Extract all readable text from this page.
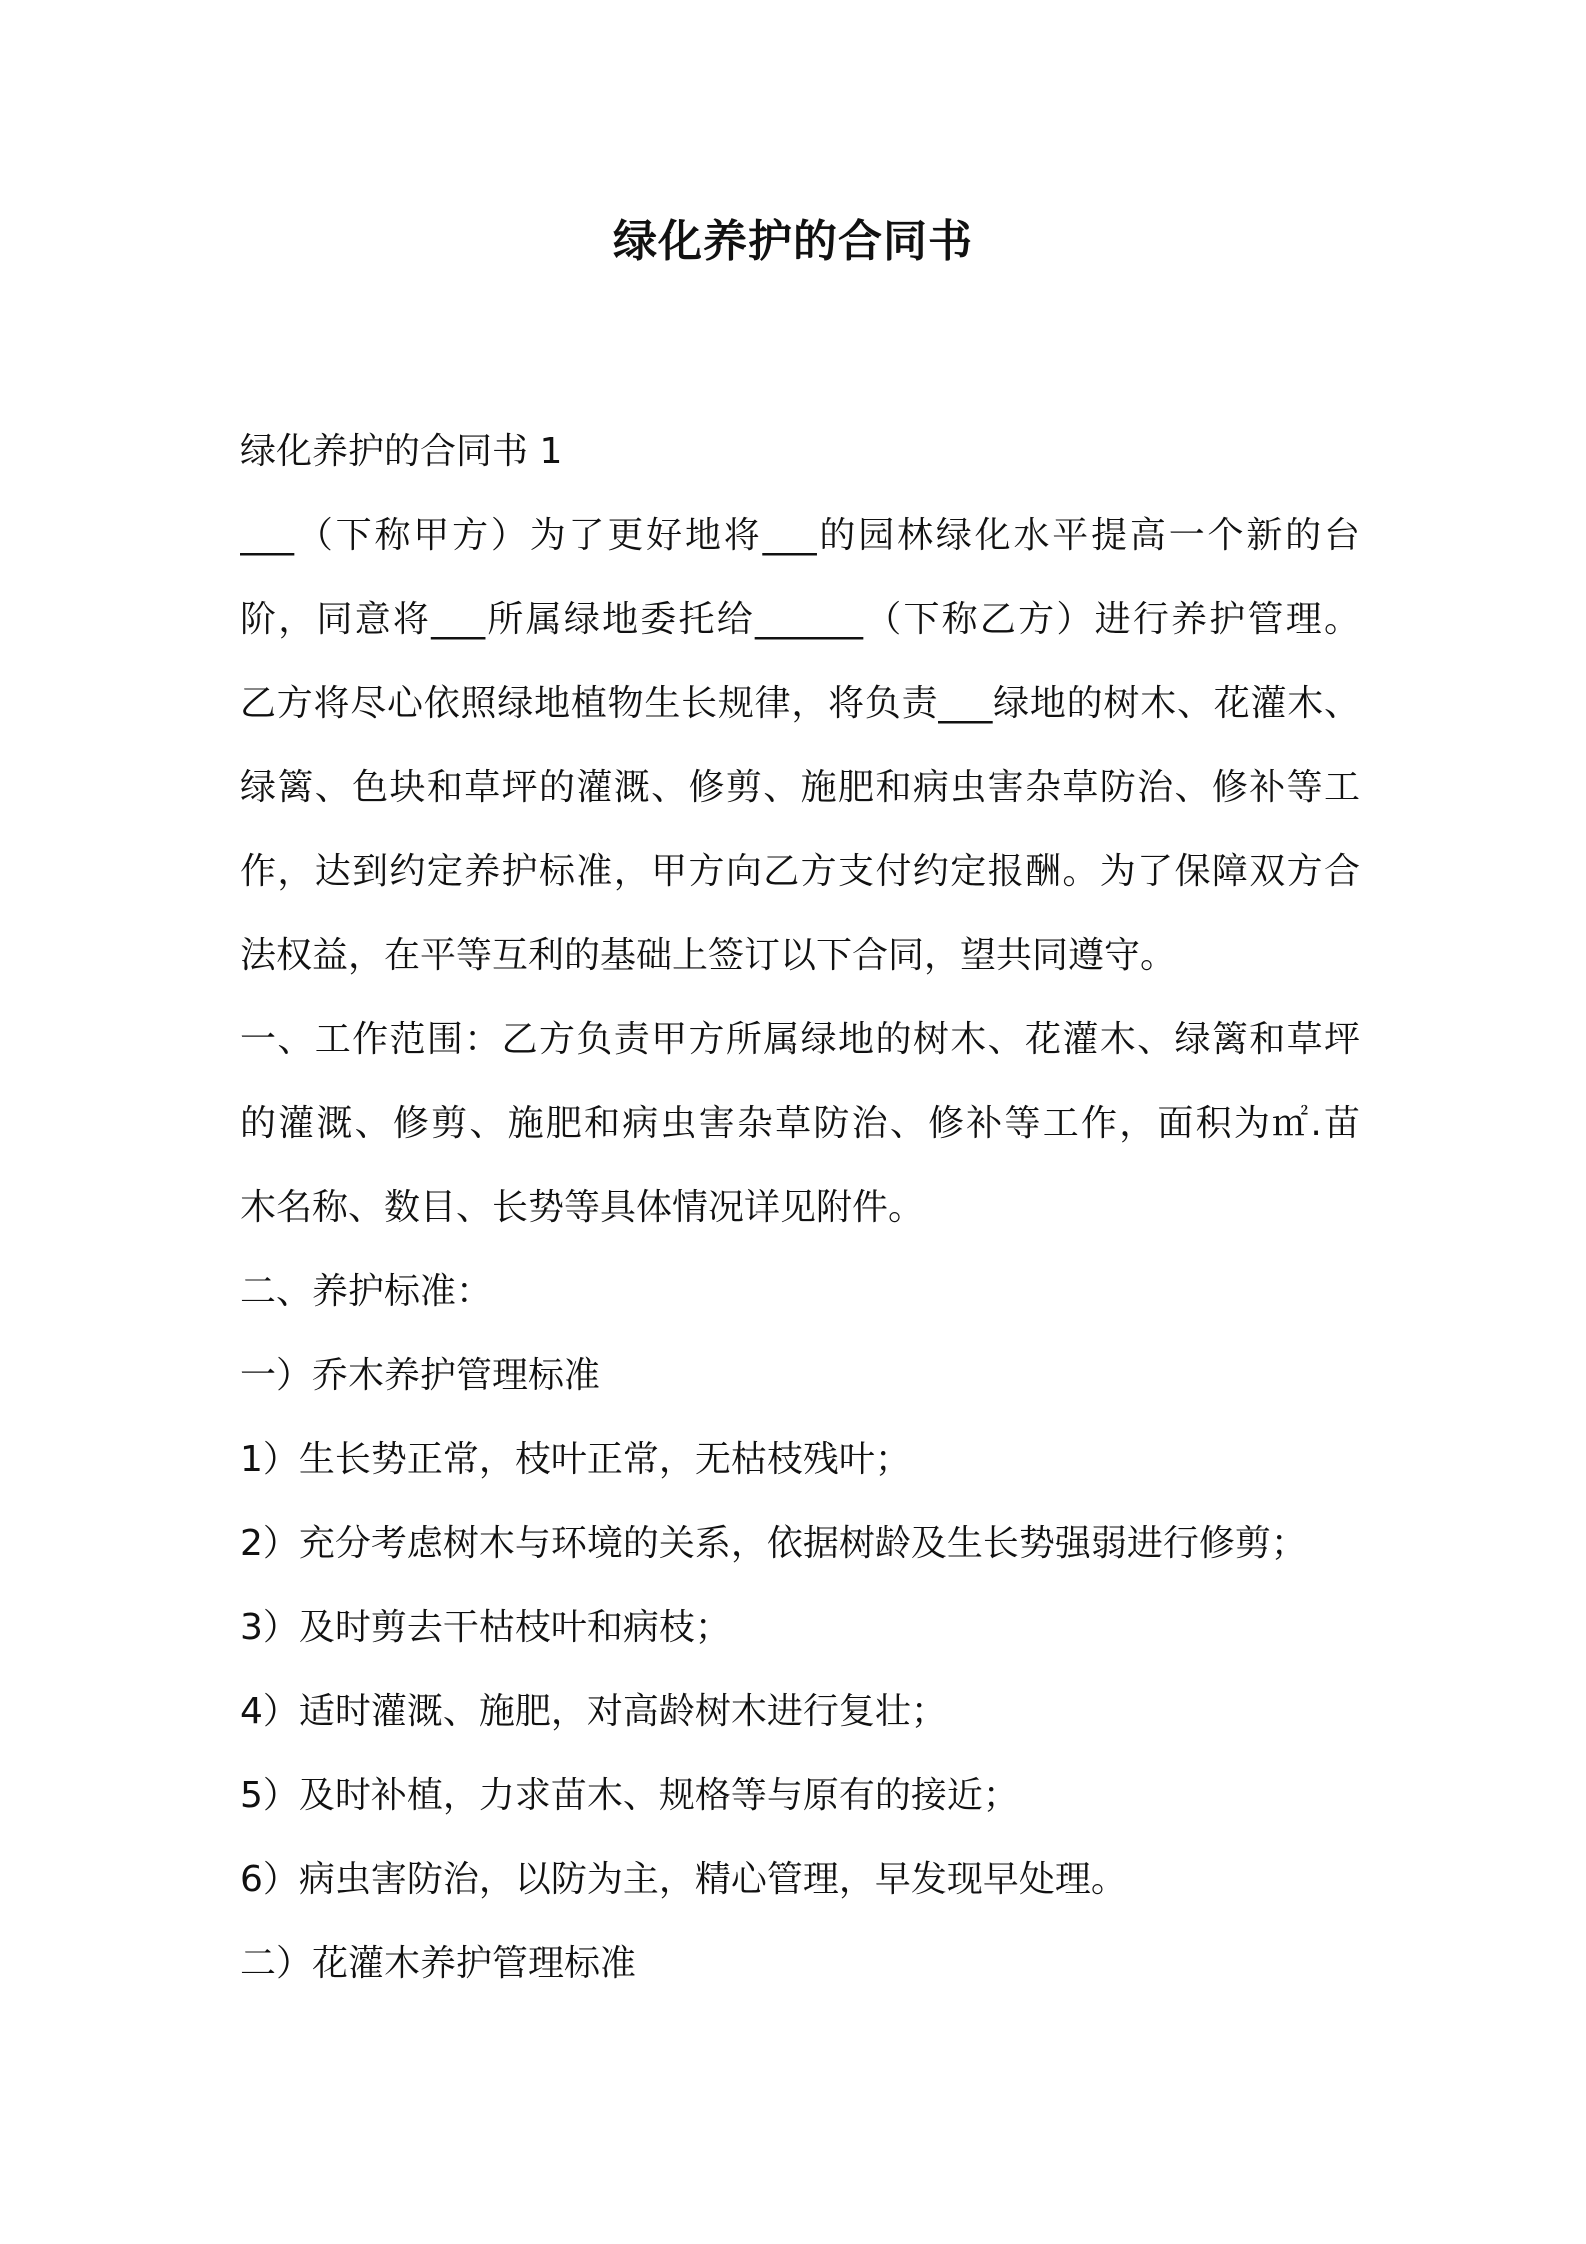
绿化养护的合同书
绿化养护的合同书 1
___（下称甲方）为了更好地将___的园林绿化水平提高一个新的台
阶，同意将___所属绿地委托给______（下称乙方）进行养护管理。
乙方将尽心依照绿地植物生长规律，将负责___绿地的树木、花灌木、
绿篱、色块和草坪的灌溉、修剪、施肥和病虫害杂草防治、修补等工
作，达到约定养护标准，甲方向乙方支付约定报酬。为了保障双方合
法权益，在平等互利的基础上签订以下合同，望共同遵守。
一、工作范围：乙方负责甲方所属绿地的树木、花灌木、绿篱和草坪
的灌溉、修剪、施肥和病虫害杂草防治、修补等工作，面积为㎡.苗
木名称、数目、长势等具体情况详见附件。
二、养护标准：
一）乔木养护管理标准
1）生长势正常，枝叶正常，无枯枝残叶；
2）充分考虑树木与环境的关系，依据树龄及生长势强弱进行修剪；
3）及时剪去干枯枝叶和病枝；
4）适时灌溉、施肥，对高龄树木进行复壮；
5）及时补植，力求苗木、规格等与原有的接近；
6）病虫害防治，以防为主，精心管理，早发现早处理。
二）花灌木养护管理标准
